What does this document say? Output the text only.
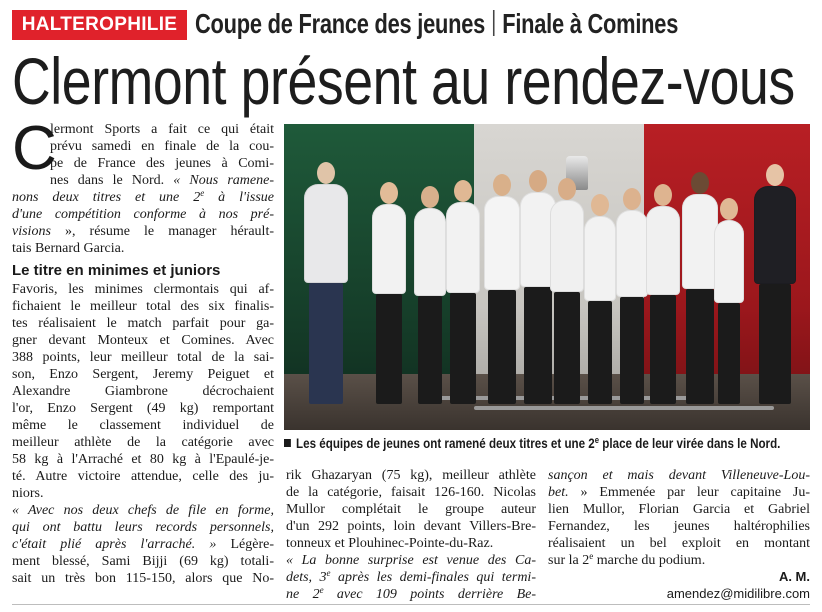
HALTEROPHILIE Coupe de France des jeunes Finale à Comines
Clermont présent au rendez-vous
C
lermont Sports a fait ce qui était
prévu samedi en finale de la cou-
pe de France des jeunes à Comi-
nes dans le Nord. « Nous ramene-
nons deux titres et une 2e à l'issue
d'une compétition conforme à nos pré-
visions », résume le manager hérault-
tais Bernard Garcia.
Le titre en minimes et juniors
Favoris, les minimes clermontais qui af-
fichaient le meilleur total des six finalis-
tes réalisaient le match parfait pour ga-
gner devant Monteux et Comines. Avec
388 points, leur meilleur total de la sai-
son, Enzo Sergent, Jeremy Peiguet et
Alexandre Giambrone décrochaient
l'or, Enzo Sergent (49 kg) remportant
même le classement individuel de
meilleur athlète de la catégorie avec
58 kg à l'Arraché et 80 kg à l'Epaulé-je-
té. Autre victoire attendue, celle des ju-
niors.
« Avec nos deux chefs de file en forme,
qui ont battu leurs records personnels,
c'était plié après l'arraché. » Légère-
ment blessé, Sami Bijji (69 kg) totali-
sait un très bon 115-150, alors que No-
Les équipes de jeunes ont ramené deux titres et une 2e place de leur virée dans le Nord.
rik Ghazaryan (75 kg), meilleur athlète
de la catégorie, faisait 126-160. Nicolas
Mullor complétait le groupe auteur
d'un 292 points, loin devant Villers-Bre-
tonneux et Plouhinec-Pointe-du-Raz.
« La bonne surprise est venue des Ca-
dets, 3e après les demi-finales qui termi-
ne 2e avec 109 points derrière Be-
sançon et mais devant Villeneuve-Lou-
bet. » Emmenée par leur capitaine Ju-
lien Mullor, Florian Garcia et Gabriel
Fernandez, les jeunes haltérophilies
réalisaient un bel exploit en montant
sur la 2e marche du podium.
A. M.
amendez@midilibre.com
